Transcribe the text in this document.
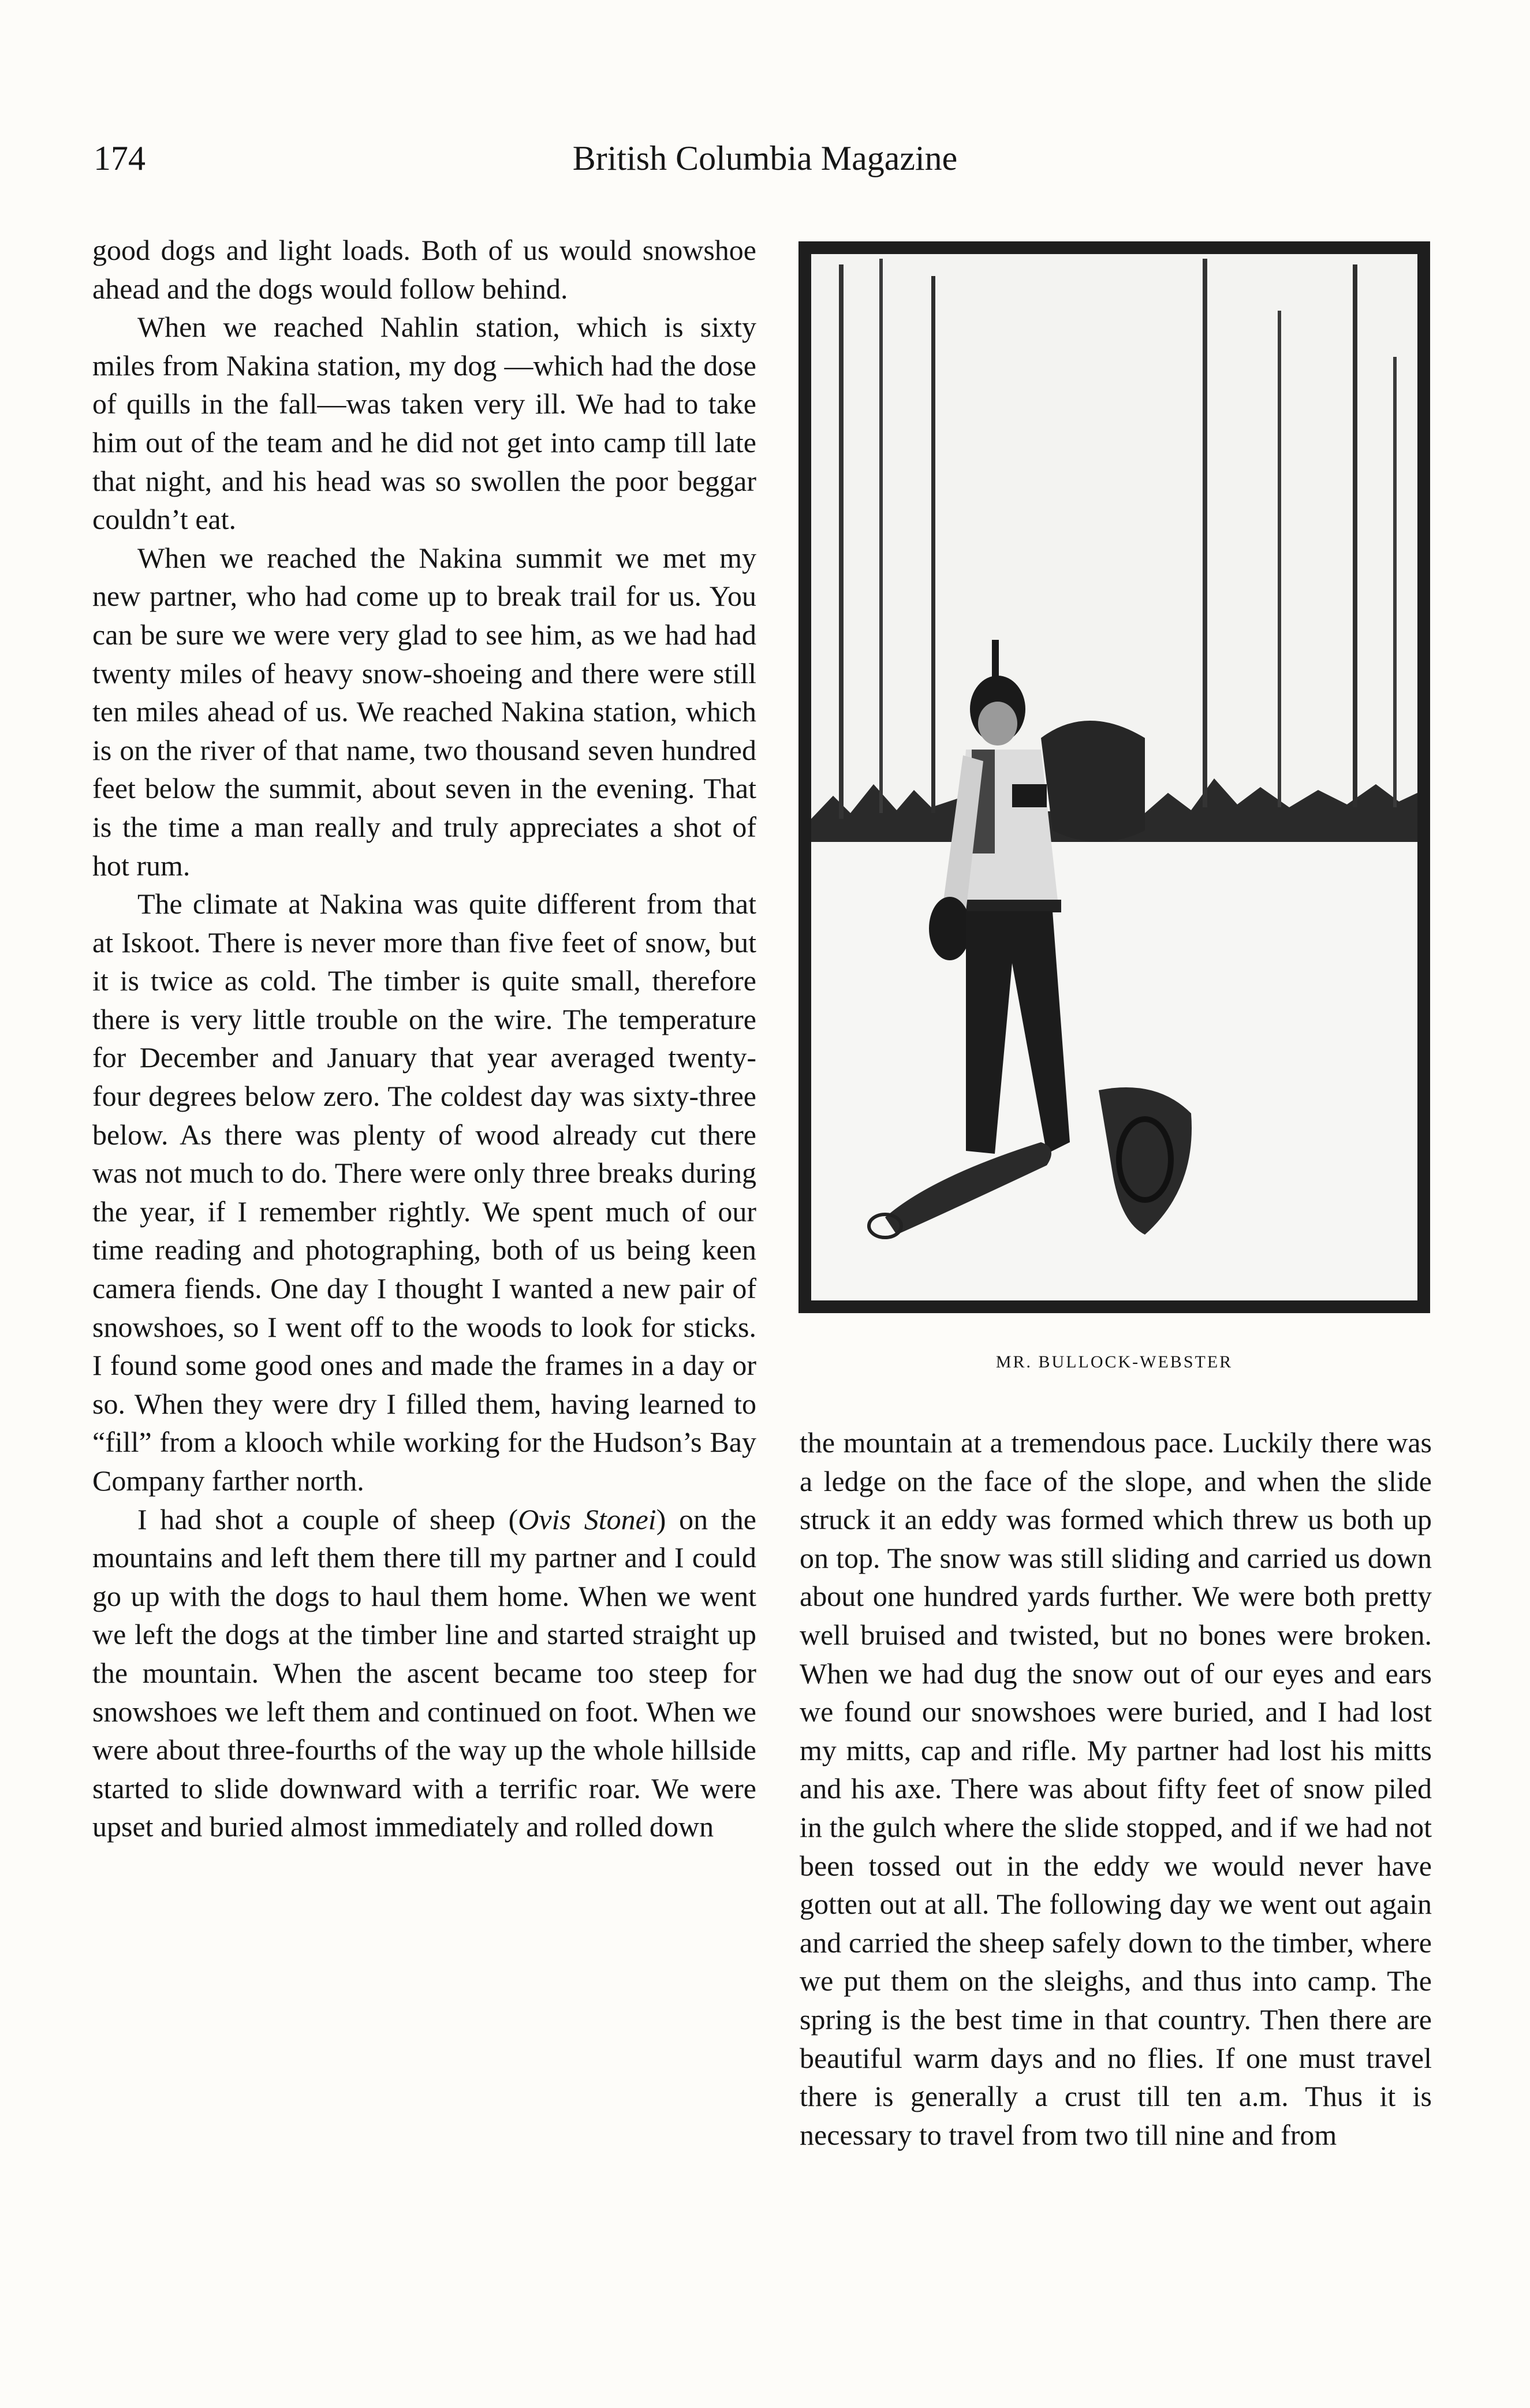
174	British Columbia Magazine

good dogs and light loads. Both of us would snowshoe ahead and the dogs would follow behind.

When we reached Nahlin station, which is sixty miles from Nakina station, my dog —which had the dose of quills in the fall—was taken very ill. We had to take him out of the team and he did not get into camp till late that night, and his head was so swollen the poor beggar couldn’t eat.

When we reached the Nakina summit we met my new partner, who had come up to break trail for us. You can be sure we were very glad to see him, as we had had twenty miles of heavy snow-shoeing and there were still ten miles ahead of us. We reached Nakina station, which is on the river of that name, two thousand seven hundred feet below the summit, about seven in the evening. That is the time a man really and truly appreciates a shot of hot rum.

The climate at Nakina was quite different from that at Iskoot. There is never more than five feet of snow, but it is twice as cold. The timber is quite small, therefore there is very little trouble on the wire. The temperature for December and January that year averaged twenty-four degrees below zero. The coldest day was sixty-three below. As there was plenty of wood already cut there was not much to do. There were only three breaks during the year, if I remember rightly. We spent much of our time reading and photographing, both of us being keen camera fiends. One day I thought I wanted a new pair of snowshoes, so I went off to the woods to look for sticks. I found some good ones and made the frames in a day or so. When they were dry I filled them, having learned to “fill” from a klooch while working for the Hudson’s Bay Company farther north.

I had shot a couple of sheep (Ovis Stonei) on the mountains and left them there till my partner and I could go up with the dogs to haul them home. When we went we left the dogs at the timber line and started straight up the mountain. When the ascent became too steep for snowshoes we left them and continued on foot. When we were about three-fourths of the way up the whole hillside started to slide downward with a terrific roar. We were upset and buried almost immediately and rolled down

MR. BULLOCK-WEBSTER

the mountain at a tremendous pace. Luckily there was a ledge on the face of the slope, and when the slide struck it an eddy was formed which threw us both up on top. The snow was still sliding and carried us down about one hundred yards further. We were both pretty well bruised and twisted, but no bones were broken. When we had dug the snow out of our eyes and ears we found our snowshoes were buried, and I had lost my mitts, cap and rifle. My partner had lost his mitts and his axe. There was about fifty feet of snow piled in the gulch where the slide stopped, and if we had not been tossed out in the eddy we would never have gotten out at all. The following day we went out again and carried the sheep safely down to the timber, where we put them on the sleighs, and thus into camp. The spring is the best time in that country. Then there are beautiful warm days and no flies. If one must travel there is generally a crust till ten a.m. Thus it is necessary to travel from two till nine and from
